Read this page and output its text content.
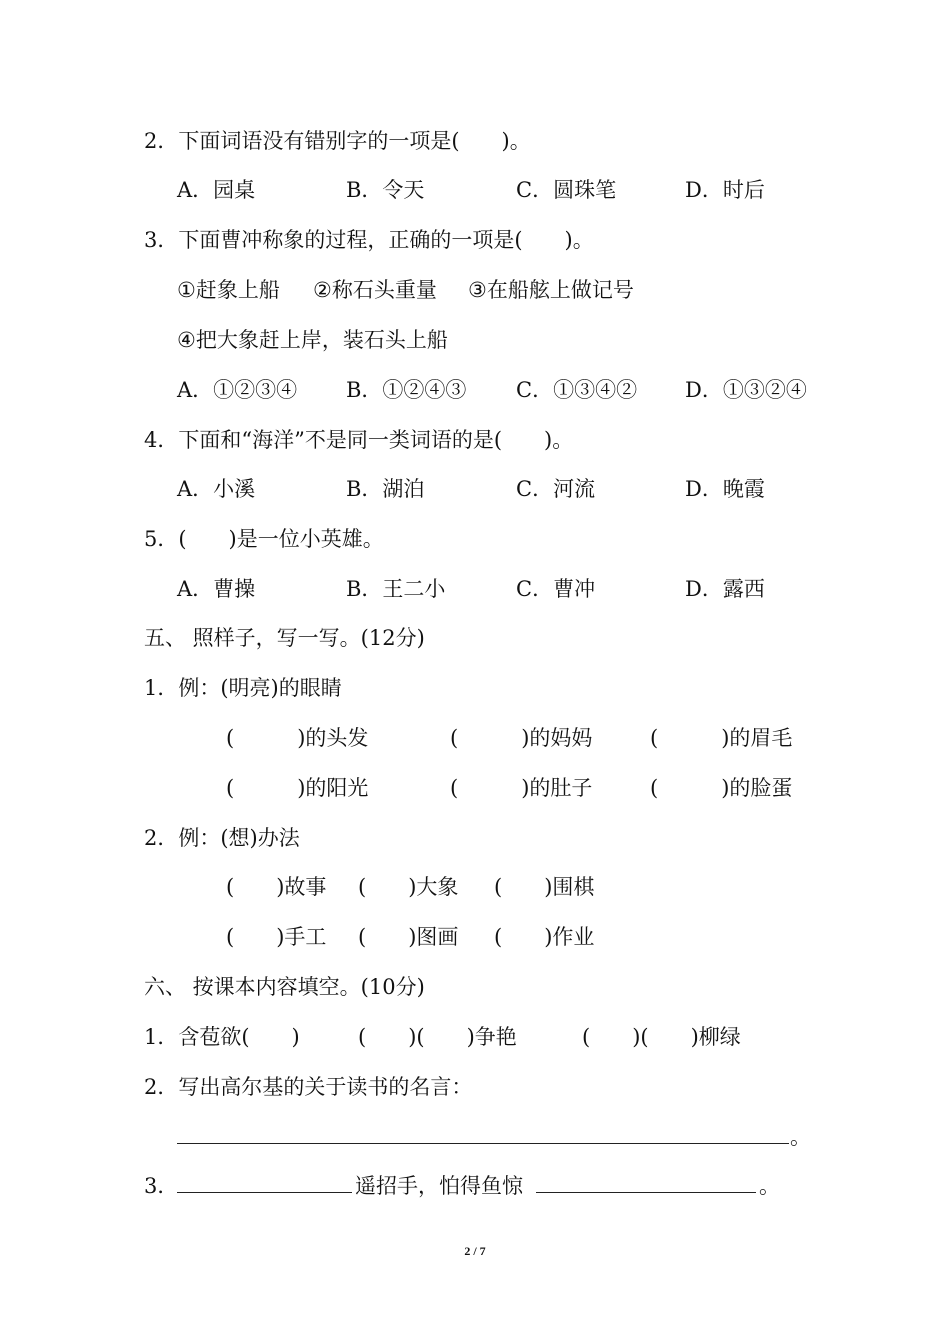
2．下面词语没有错别字的一项是(　　)。

A．园桌

	B．令天

	C．圆珠笔

	D．时后

3．下面曹冲称象的过程，正确的一项是(　　)。

①赶象上船

②称石头重量

③在船舷上做记号

④把大象赶上岸，装石头上船

A．①②③④

B．①②④③

C．①③④②

D．①③②④

4．下面和“海洋”不是同一类词语的是(　　)。

A．小溪

	B．湖泊

	C．河流

	D．晚霞

5．(　　)是一位小英雄。

A．曹操

	B．王二小

	C．曹冲

	D．露西

五、 照样子，写一写。(12分)

1．例：(明亮)的眼睛

(　　　)的头发

	(　　　)的妈妈

	(　　　)的眉毛

(　　　)的阳光

	(　　　)的肚子

	(　　　)的脸蛋

2．例：(想)办法

(　　)故事

(　　)大象

(　　)围棋

(　　)手工

(　　)图画

(　　)作业

六、 按课本内容填空。(10分)

1．含苞欲(　　)

	(　　)(　　)争艳

	(　　)(　　)柳绿

2．写出高尔基的关于读书的名言：

。

3．

	遥招手，怕得鱼惊

	。

2 / 7
